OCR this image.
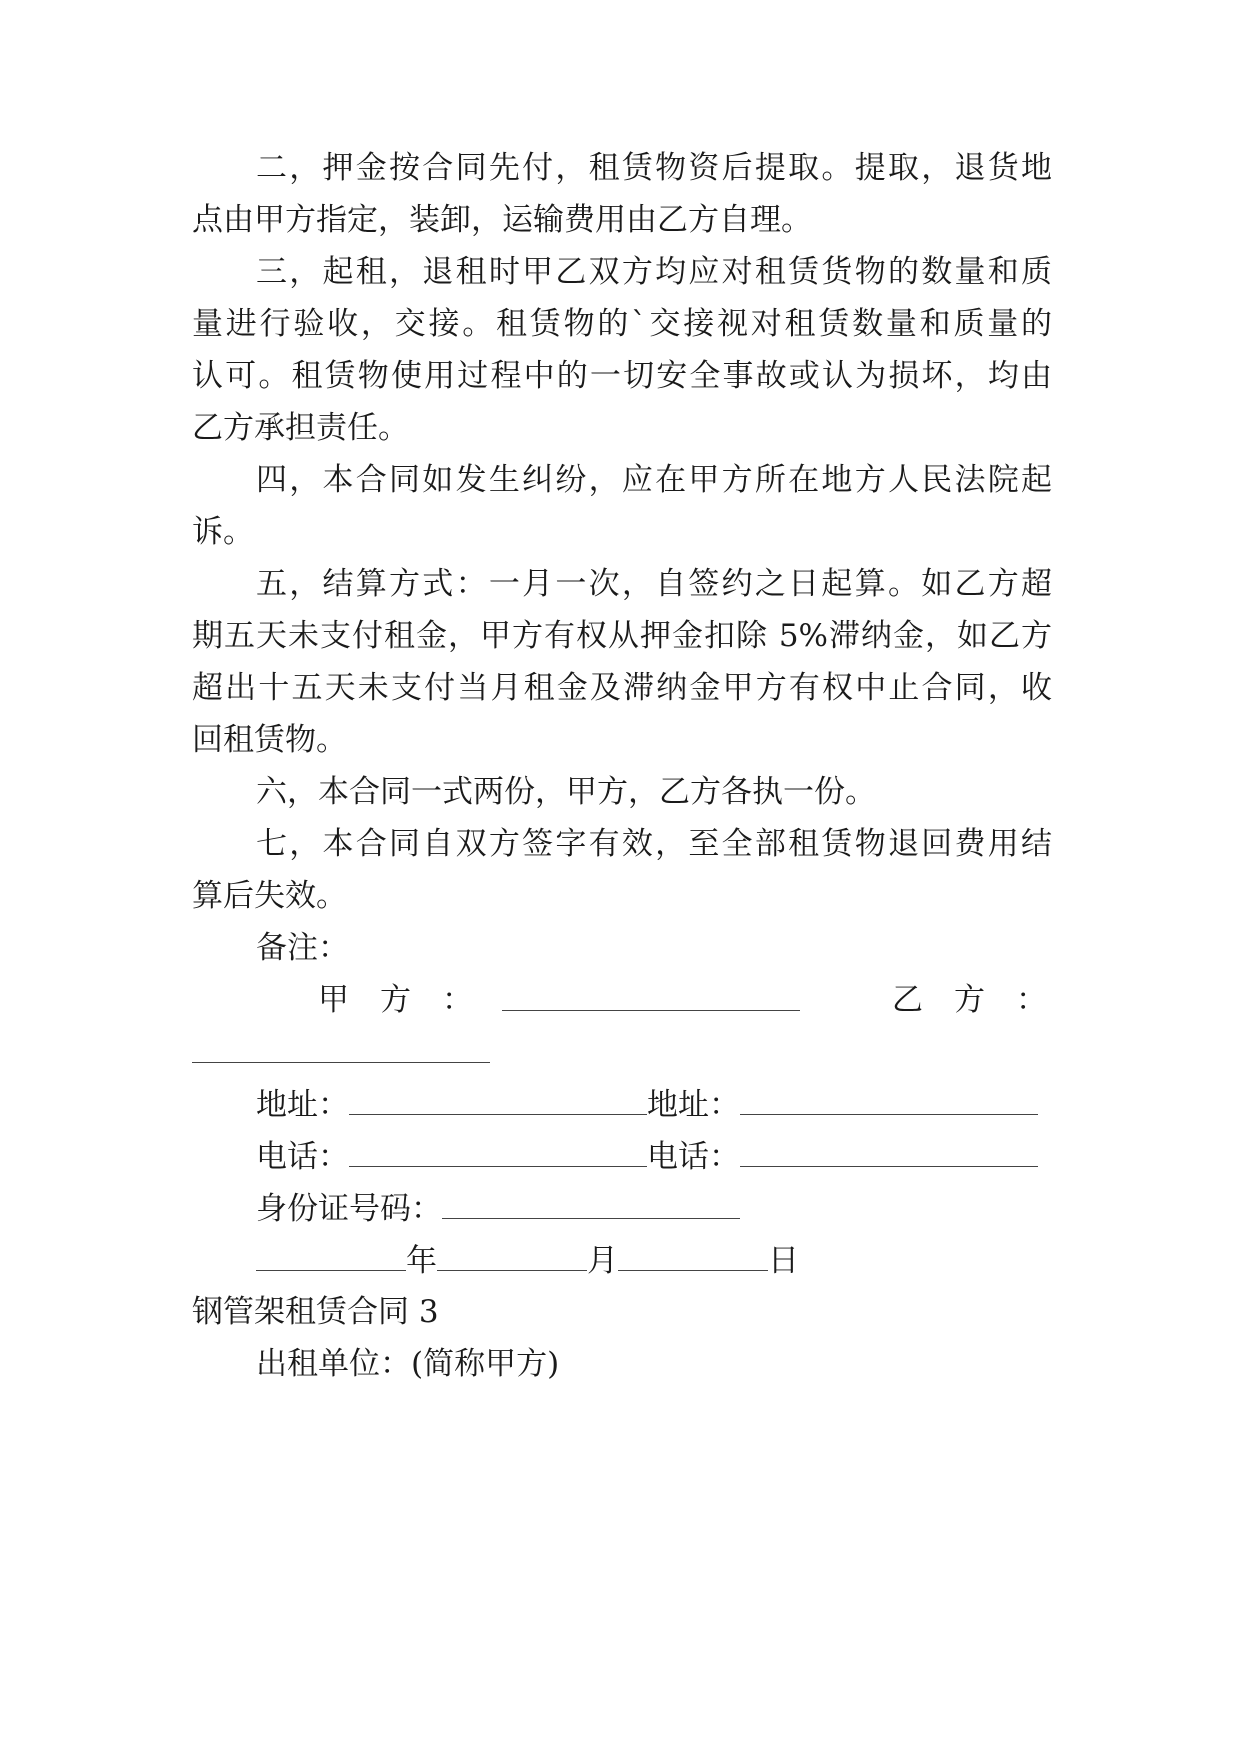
二，押金按合同先付，租赁物资后提取。提取，退货地
点由甲方指定，装卸，运输费用由乙方自理。
三，起租，退租时甲乙双方均应对租赁货物的数量和质
量进行验收，交接。租赁物的`交接视对租赁数量和质量的
认可。租赁物使用过程中的一切安全事故或认为损坏，均由
乙方承担责任。
四，本合同如发生纠纷，应在甲方所在地方人民法院起
诉。
五，结算方式：一月一次，自签约之日起算。如乙方超
期五天未支付租金，甲方有权从押金扣除 5%滞纳金，如乙方
超出十五天未支付当月租金及滞纳金甲方有权中止合同，收
回租赁物。
六，本合同一式两份，甲方，乙方各执一份。
七，本合同自双方签字有效，至全部租赁物退回费用结
算后失效。
备注：
甲　方　：	乙　方　：
地址：	地址：
电话：	电话：
身份证号码：
年	月	日
钢管架租赁合同 3
出租单位：(简称甲方)
